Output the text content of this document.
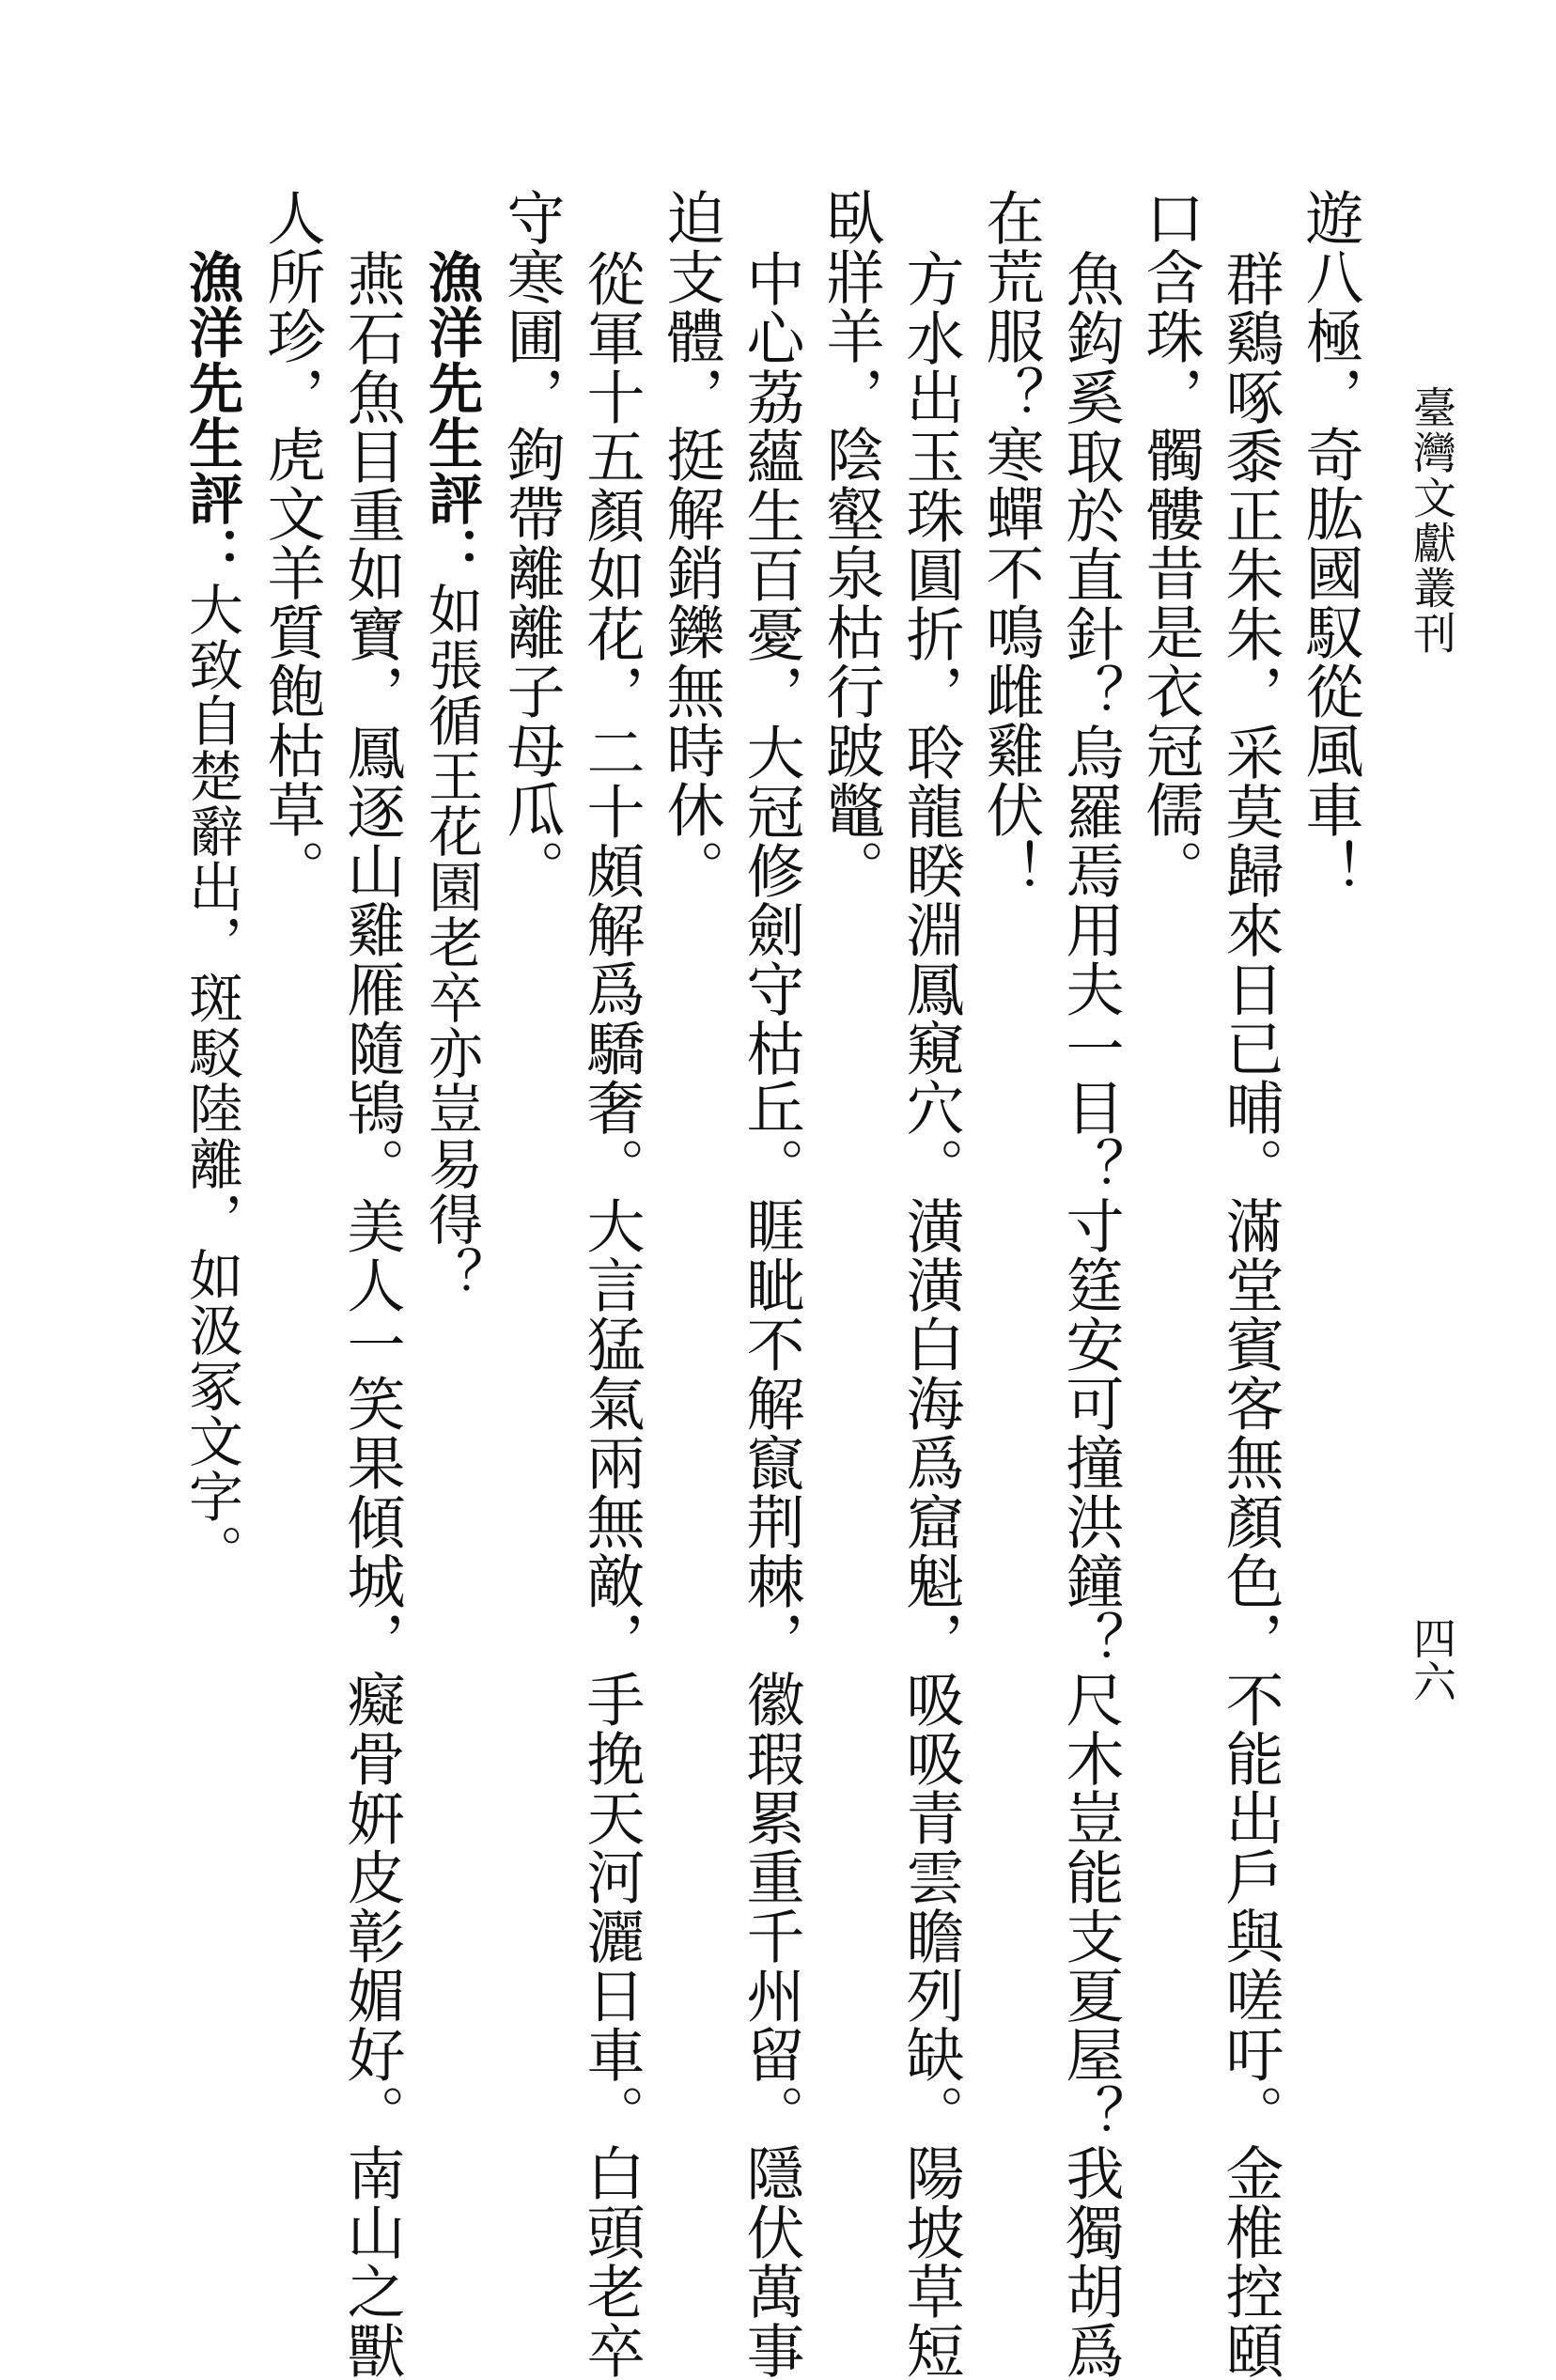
臺灣文獻叢刊
四六
遊八極，奇肱國馭從風車！
群鷄啄黍正朱朱，采莫歸來日已晡。滿堂賓客無顏色，不能出戶與嗟吁。金椎控頤
口含珠，髑髏昔是衣冠儒。
魚鈎奚取於直針？烏羅焉用夫一目？寸筳安可撞洪鐘？尺木豈能支夏屋？我獨胡爲
在荒服？寒蟬不鳴雌雞伏！
方水出玉珠圓折，聆龍睽淵鳳窺穴。潢潢白海爲窟魁，吸吸青雲瞻列缺。陽坡草短
臥牂羊，陰壑泉枯行跛鼈。
中心荔蘊生百憂，大冠修劍守枯丘。睚眦不解竄荆棘，徽瑕累重千州留。隱伏萬事
迫支體，挺解銷鑠無時休。
從軍十五顏如花，二十頗解爲驕奢。大言猛氣兩無敵，手挽天河灑日車。白頭老卒
守寒圃，鉤帶離離子母瓜。
漁洋先生評：如張循王花園老卒亦豈易得？
燕石魚目重如寶，鳳逐山雞雁隨鴇。美人一笑果傾城，癡骨姸皮彰媚好。南山之獸
人所珍，虎文羊質飽枯草。
漁洋先生評：大致自楚辭出，斑駁陸離，如汲冢文字。
